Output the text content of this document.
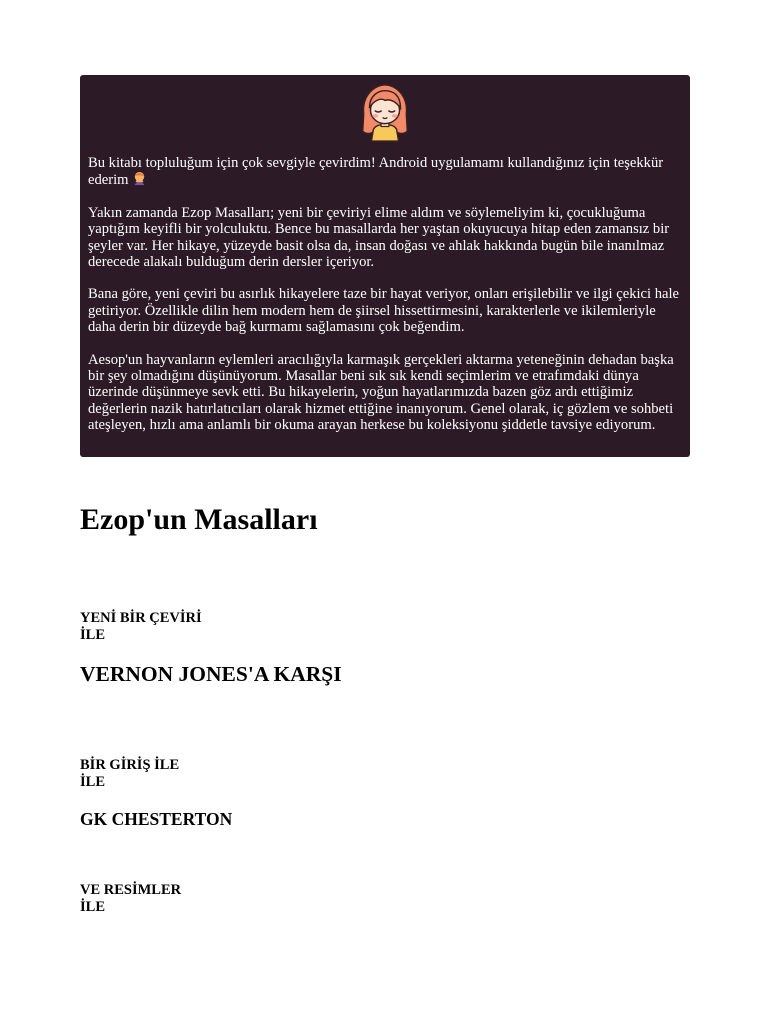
Bu kitabı topluluğum için çok sevgiyle çevirdim! Android uygulamamı kullandığınız için teşekkür ederim

Yakın zamanda Ezop Masalları; yeni bir çeviriyi elime aldım ve söylemeliyim ki, çocukluğuma yaptığım keyifli bir yolculuktu. Bence bu masallarda her yaştan okuyucuya hitap eden zamansız bir şeyler var. Her hikaye, yüzeyde basit olsa da, insan doğası ve ahlak hakkında bugün bile inanılmaz derecede alakalı bulduğum derin dersler içeriyor.

Bana göre, yeni çeviri bu asırlık hikayelere taze bir hayat veriyor, onları erişilebilir ve ilgi çekici hale getiriyor. Özellikle dilin hem modern hem de şiirsel hissettirmesini, karakterlerle ve ikilemleriyle daha derin bir düzeyde bağ kurmamı sağlamasını çok beğendim.

Aesop'un hayvanların eylemleri aracılığıyla karmaşık gerçekleri aktarma yeteneğinin dehadan başka bir şey olmadığını düşünüyorum. Masallar beni sık sık kendi seçimlerim ve etrafımdaki dünya üzerinde düşünmeye sevk etti. Bu hikayelerin, yoğun hayatlarımızda bazen göz ardı ettiğimiz değerlerin nazik hatırlatıcıları olarak hizmet ettiğine inanıyorum. Genel olarak, iç gözlem ve sohbeti ateşleyen, hızlı ama anlamlı bir okuma arayan herkese bu koleksiyonu şiddetle tavsiye ediyorum.

Ezop'un Masalları
YENİ BİR ÇEVİRİ
İLE
VERNON JONES'A KARŞI
BİR GİRİŞ İLE
İLE
GK CHESTERTON
VE RESİMLER
İLE
